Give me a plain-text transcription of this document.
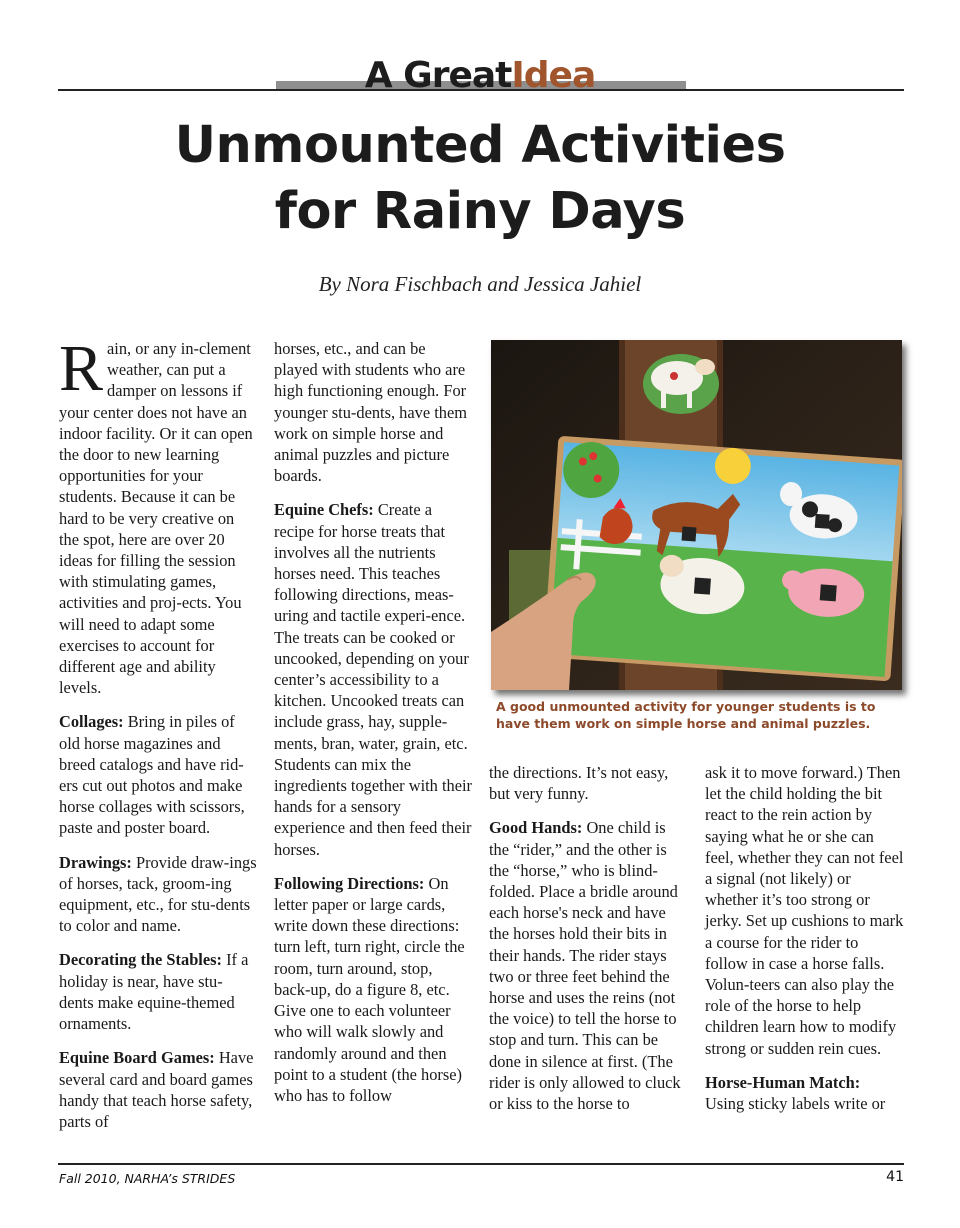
A GreatIdea
Unmounted Activities
for Rainy Days
By Nora Fischbach and Jessica Jahiel

Rain, or any in-clement weather, can put a damper on lessons if your center does not have an indoor facility. Or it can open the door to new learning opportunities for your students. Because it can be hard to be very creative on the spot, here are over 20 ideas for filling the session with stimulating games, activities and proj-ects. You will need to adapt some exercises to account for different age and ability levels.

Collages: Bring in piles of old horse magazines and breed catalogs and have rid-ers cut out photos and make horse collages with scissors, paste and poster board.

Drawings: Provide draw-ings of horses, tack, groom-ing equipment, etc., for stu-dents to color and name.

Decorating the Stables: If a holiday is near, have stu-dents make equine-themed ornaments.

Equine Board Games: Have several card and board games handy that teach horse safety, parts of

horses, etc., and can be played with students who are high functioning enough. For younger stu-dents, have them work on simple horse and animal puzzles and picture boards.

Equine Chefs: Create a recipe for horse treats that involves all the nutrients horses need. This teaches following directions, meas-uring and tactile experi-ence. The treats can be cooked or uncooked, depending on your center’s accessibility to a kitchen. Uncooked treats can include grass, hay, supple-ments, bran, water, grain, etc. Students can mix the ingredients together with their hands for a sensory experience and then feed their horses.

Following Directions: On letter paper or large cards, write down these directions: turn left, turn right, circle the room, turn around, stop, back-up, do a figure 8, etc. Give one to each volunteer who will walk slowly and randomly around and then point to a student (the horse) who has to follow

A good unmounted activity for younger students is to have them work on simple horse and animal puzzles.

the directions. It’s not easy, but very funny.

Good Hands: One child is the “rider,” and the other is the “horse,” who is blind-folded. Place a bridle around each horse's neck and have the horses hold their bits in their hands. The rider stays two or three feet behind the horse and uses the reins (not the voice) to tell the horse to stop and turn. This can be done in silence at first. (The rider is only allowed to cluck or kiss to the horse to

ask it to move forward.) Then let the child holding the bit react to the rein action by saying what he or she can feel, whether they can not feel a signal (not likely) or whether it’s too strong or jerky. Set up cushions to mark a course for the rider to follow in case a horse falls. Volun-teers can also play the role of the horse to help children learn how to modify strong or sudden rein cues.

Horse-Human Match:
Using sticky labels write or

Fall 2010, NARHA’s STRIDES	41
